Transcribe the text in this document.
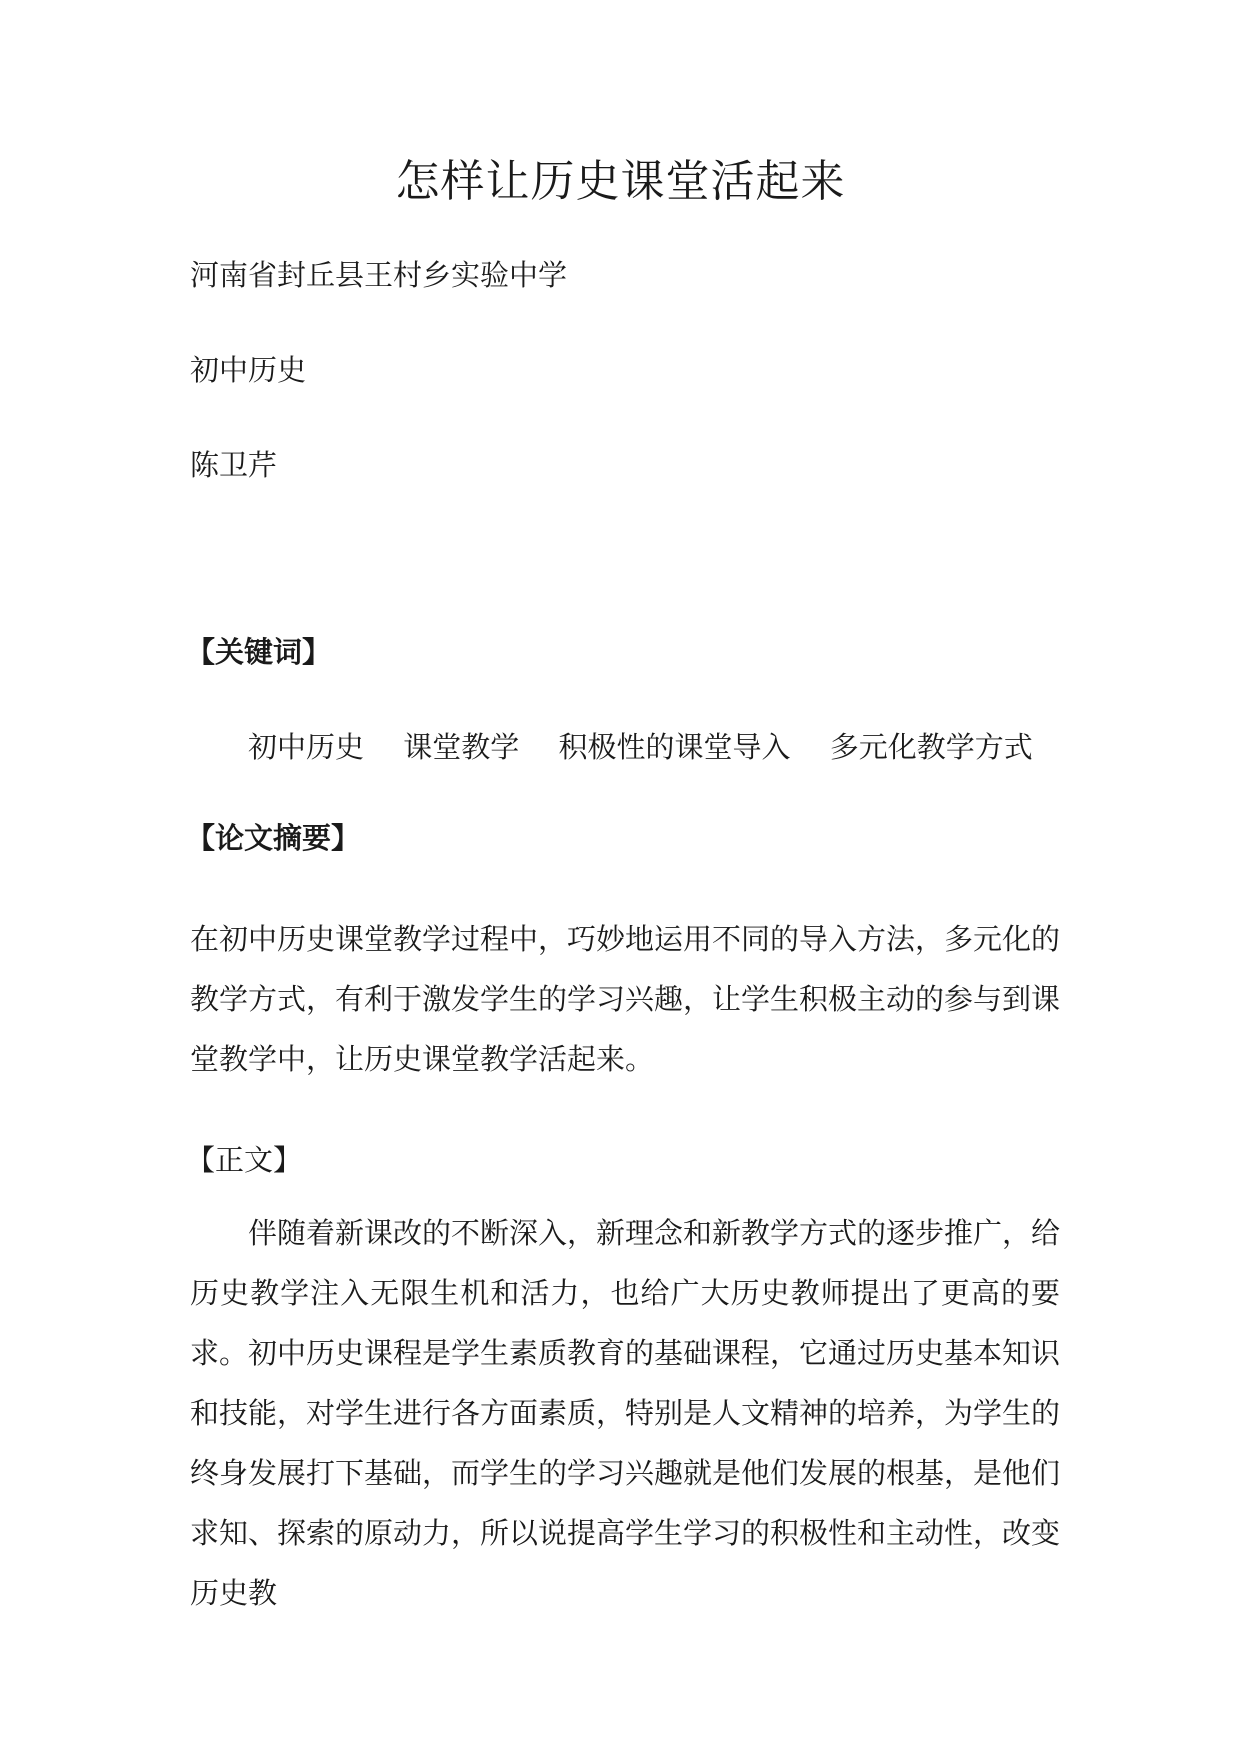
怎样让历史课堂活起来
河南省封丘县王村乡实验中学
初中历史
陈卫芹
【关键词】
初中历史 课堂教学 积极性的课堂导入 多元化教学方式
【论文摘要】
在初中历史课堂教学过程中，巧妙地运用不同的导入方法，多元化的教学方式，有利于激发学生的学习兴趣，让学生积极主动的参与到课堂教学中，让历史课堂教学活起来。
【正文】
伴随着新课改的不断深入，新理念和新教学方式的逐步推广，给历史教学注入无限生机和活力，也给广大历史教师提出了更高的要求。初中历史课程是学生素质教育的基础课程，它通过历史基本知识和技能，对学生进行各方面素质，特别是人文精神的培养，为学生的终身发展打下基础，而学生的学习兴趣就是他们发展的根基，是他们求知、探索的原动力，所以说提高学生学习的积极性和主动性，改变历史教
